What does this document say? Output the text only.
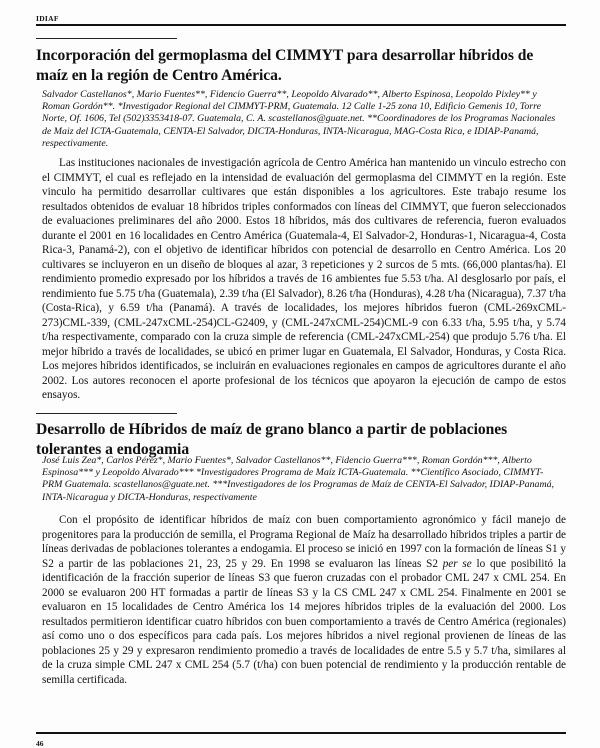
IDIAF
Incorporación del germoplasma del CIMMYT para desarrollar híbridos de maíz en la región de Centro América.

Salvador Castellanos*, Mario Fuentes**, Fidencio Guerra**, Leopoldo Alvarado**, Alberto Espinosa, Leopoldo Pixley** y Roman Gordón**. *Investigador Regional del CIMMYT-PRM, Guatemala. 12 Calle 1-25 zona 10, Edificio Gemenis 10, Torre Norte, Of. 1606, Tel (502)3353418-07. Guatemala, C. A. scastellanos@guate.net. **Coordinadores de los Programas Nacionales de Maiz del ICTA-Guatemala, CENTA-El Salvador, DICTA-Honduras, INTA-Nicaragua, MAG-Costa Rica, e IDIAP-Panamá, respectivamente.

Las instituciones nacionales de investigación agrícola de Centro América han mantenido un vinculo estrecho con el CIMMYT, el cual es reflejado en la intensidad de evaluación del germoplasma del CIMMYT en la región. Este vinculo ha permitido desarrollar cultivares que están disponibles a los agricultores. Este trabajo resume los resultados obtenidos de evaluar 18 híbridos triples conformados con líneas del CIMMYT, que fueron seleccionados de evaluaciones preliminares del año 2000. Estos 18 híbridos, más dos cultivares de referencia, fueron evaluados durante el 2001 en 16 localidades en Centro América (Guatemala-4, El Salvador-2, Honduras-1, Nicaragua-4, Costa Rica-3, Panamá-2), con el objetivo de identificar híbridos con potencial de desarrollo en Centro América. Los 20 cultivares se incluyeron en un diseño de bloques al azar, 3 repeticiones y 2 surcos de 5 mts. (66,000 plantas/ha). El rendimiento promedio expresado por los híbridos a través de 16 ambientes fue 5.53 t/ha. Al desglosarlo por país, el rendimiento fue 5.75 t/ha (Guatemala), 2.39 t/ha (El Salvador), 8.26 t/ha (Honduras), 4.28 t/ha (Nicaragua), 7.37 t/ha (Costa-Rica), y 6.59 t/ha (Panamá). A través de localidades, los mejores híbridos fueron (CML-269xCML-273)CML-339, (CML-247xCML-254)CL-G2409, y (CML-247xCML-254)CML-9 con 6.33 t/ha, 5.95 t/ha, y 5.74 t/ha respectivamente, comparado con la cruza simple de referencia (CML-247xCML-254) que produjo 5.76 t/ha. El mejor híbrido a través de localidades, se ubicó en primer lugar en Guatemala, El Salvador, Honduras, y Costa Rica. Los mejores híbridos identificados, se incluirán en evaluaciones regionales en campos de agricultores durante el año 2002. Los autores reconocen el aporte profesional de los técnicos que apoyaron la ejecución de campo de estos ensayos.

Desarrollo de Híbridos de maíz de grano blanco a partir de poblaciones tolerantes a endogamia

José Luis Zea*, Carlos Pérez*, Mario Fuentes*, Salvador Castellanos**, Fidencio Guerra***, Roman Gordón***, Alberto Espinosa*** y Leopoldo Alvarado*** *Investigadores Programa de Maíz ICTA-Guatemala. **Científico Asociado, CIMMYT-PRM Guatemala. scastellanos@guate.net. ***Investigadores de los Programas de Maíz de CENTA-El Salvador, IDIAP-Panamá, INTA-Nicaragua y DICTA-Honduras, respectivamente

Con el propósito de identificar híbridos de maíz con buen comportamiento agronómico y fácil manejo de progenitores para la producción de semilla, el Programa Regional de Maíz ha desarrollado híbridos triples a partir de líneas derivadas de poblaciones tolerantes a endogamia. El proceso se inició en 1997 con la formación de líneas S1 y S2 a partir de las poblaciones 21, 23, 25 y 29. En 1998 se evaluaron las líneas S2 per se lo que posibilitó la identificación de la fracción superior de líneas S3 que fueron cruzadas con el probador CML 247 x CML 254. En 2000 se evaluaron 200 HT formadas a partir de líneas S3 y la CS CML 247 x CML 254. Finalmente en 2001 se evaluaron en 15 localidades de Centro América los 14 mejores híbridos triples de la evaluación del 2000. Los resultados permitieron identificar cuatro híbridos con buen comportamiento a través de Centro América (regionales) así como uno o dos específicos para cada país. Los mejores híbridos a nivel regional provienen de líneas de las poblaciones 25 y 29 y expresaron rendimiento promedio a través de localidades de entre 5.5 y 5.7 t/ha, similares al de la cruza simple CML 247 x CML 254 (5.7 (t/ha) con buen potencial de rendimiento y la producción rentable de semilla certificada.

46
